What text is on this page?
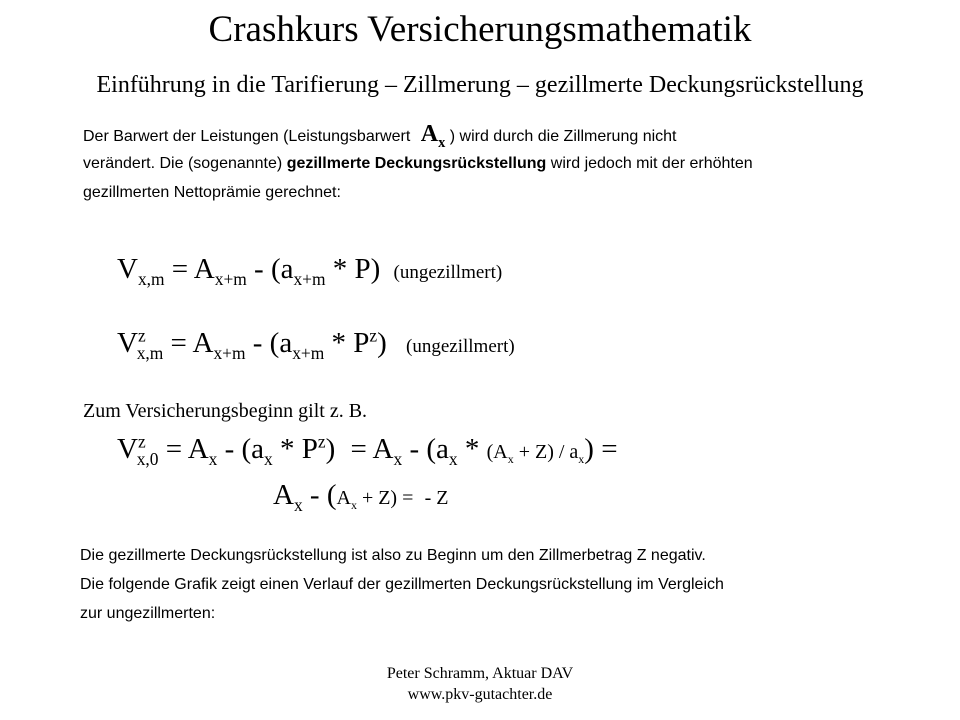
Crashkurs Versicherungsmathematik
Einführung in die Tarifierung – Zillmerung – gezillmerte Deckungsrückstellung
Der Barwert der Leistungen (Leistungsbarwert $A_x$ ) wird durch die Zillmerung nicht
verändert. Die (sogenannte) gezillmerte Deckungsrückstellung wird jedoch mit der erhöhten
gezillmerten Nettoprämie gerechnet:
$V_{x,m} = A_{x+m} - (a_{x+m} * P)$ (ungezillmert)
$V^z_{x,m} = A_{x+m} - (a_{x+m} * P^z)$ (ungezillmert)
Zum Versicherungsbeginn gilt z. B.
$V^z_{x,0} = A_x - (a_x * P^z) = A_x - (a_x * (A_x + Z) / a_x)$ =
$A_x - (A_x + Z)$ = - Z
Die gezillmerte Deckungsrückstellung ist also zu Beginn um den Zillmerbetrag Z negativ.
Die folgende Grafik zeigt einen Verlauf der gezillmerten Deckungsrückstellung im Vergleich
zur ungezillmerten:
Peter Schramm, Aktuar DAV
www.pkv-gutachter.de
